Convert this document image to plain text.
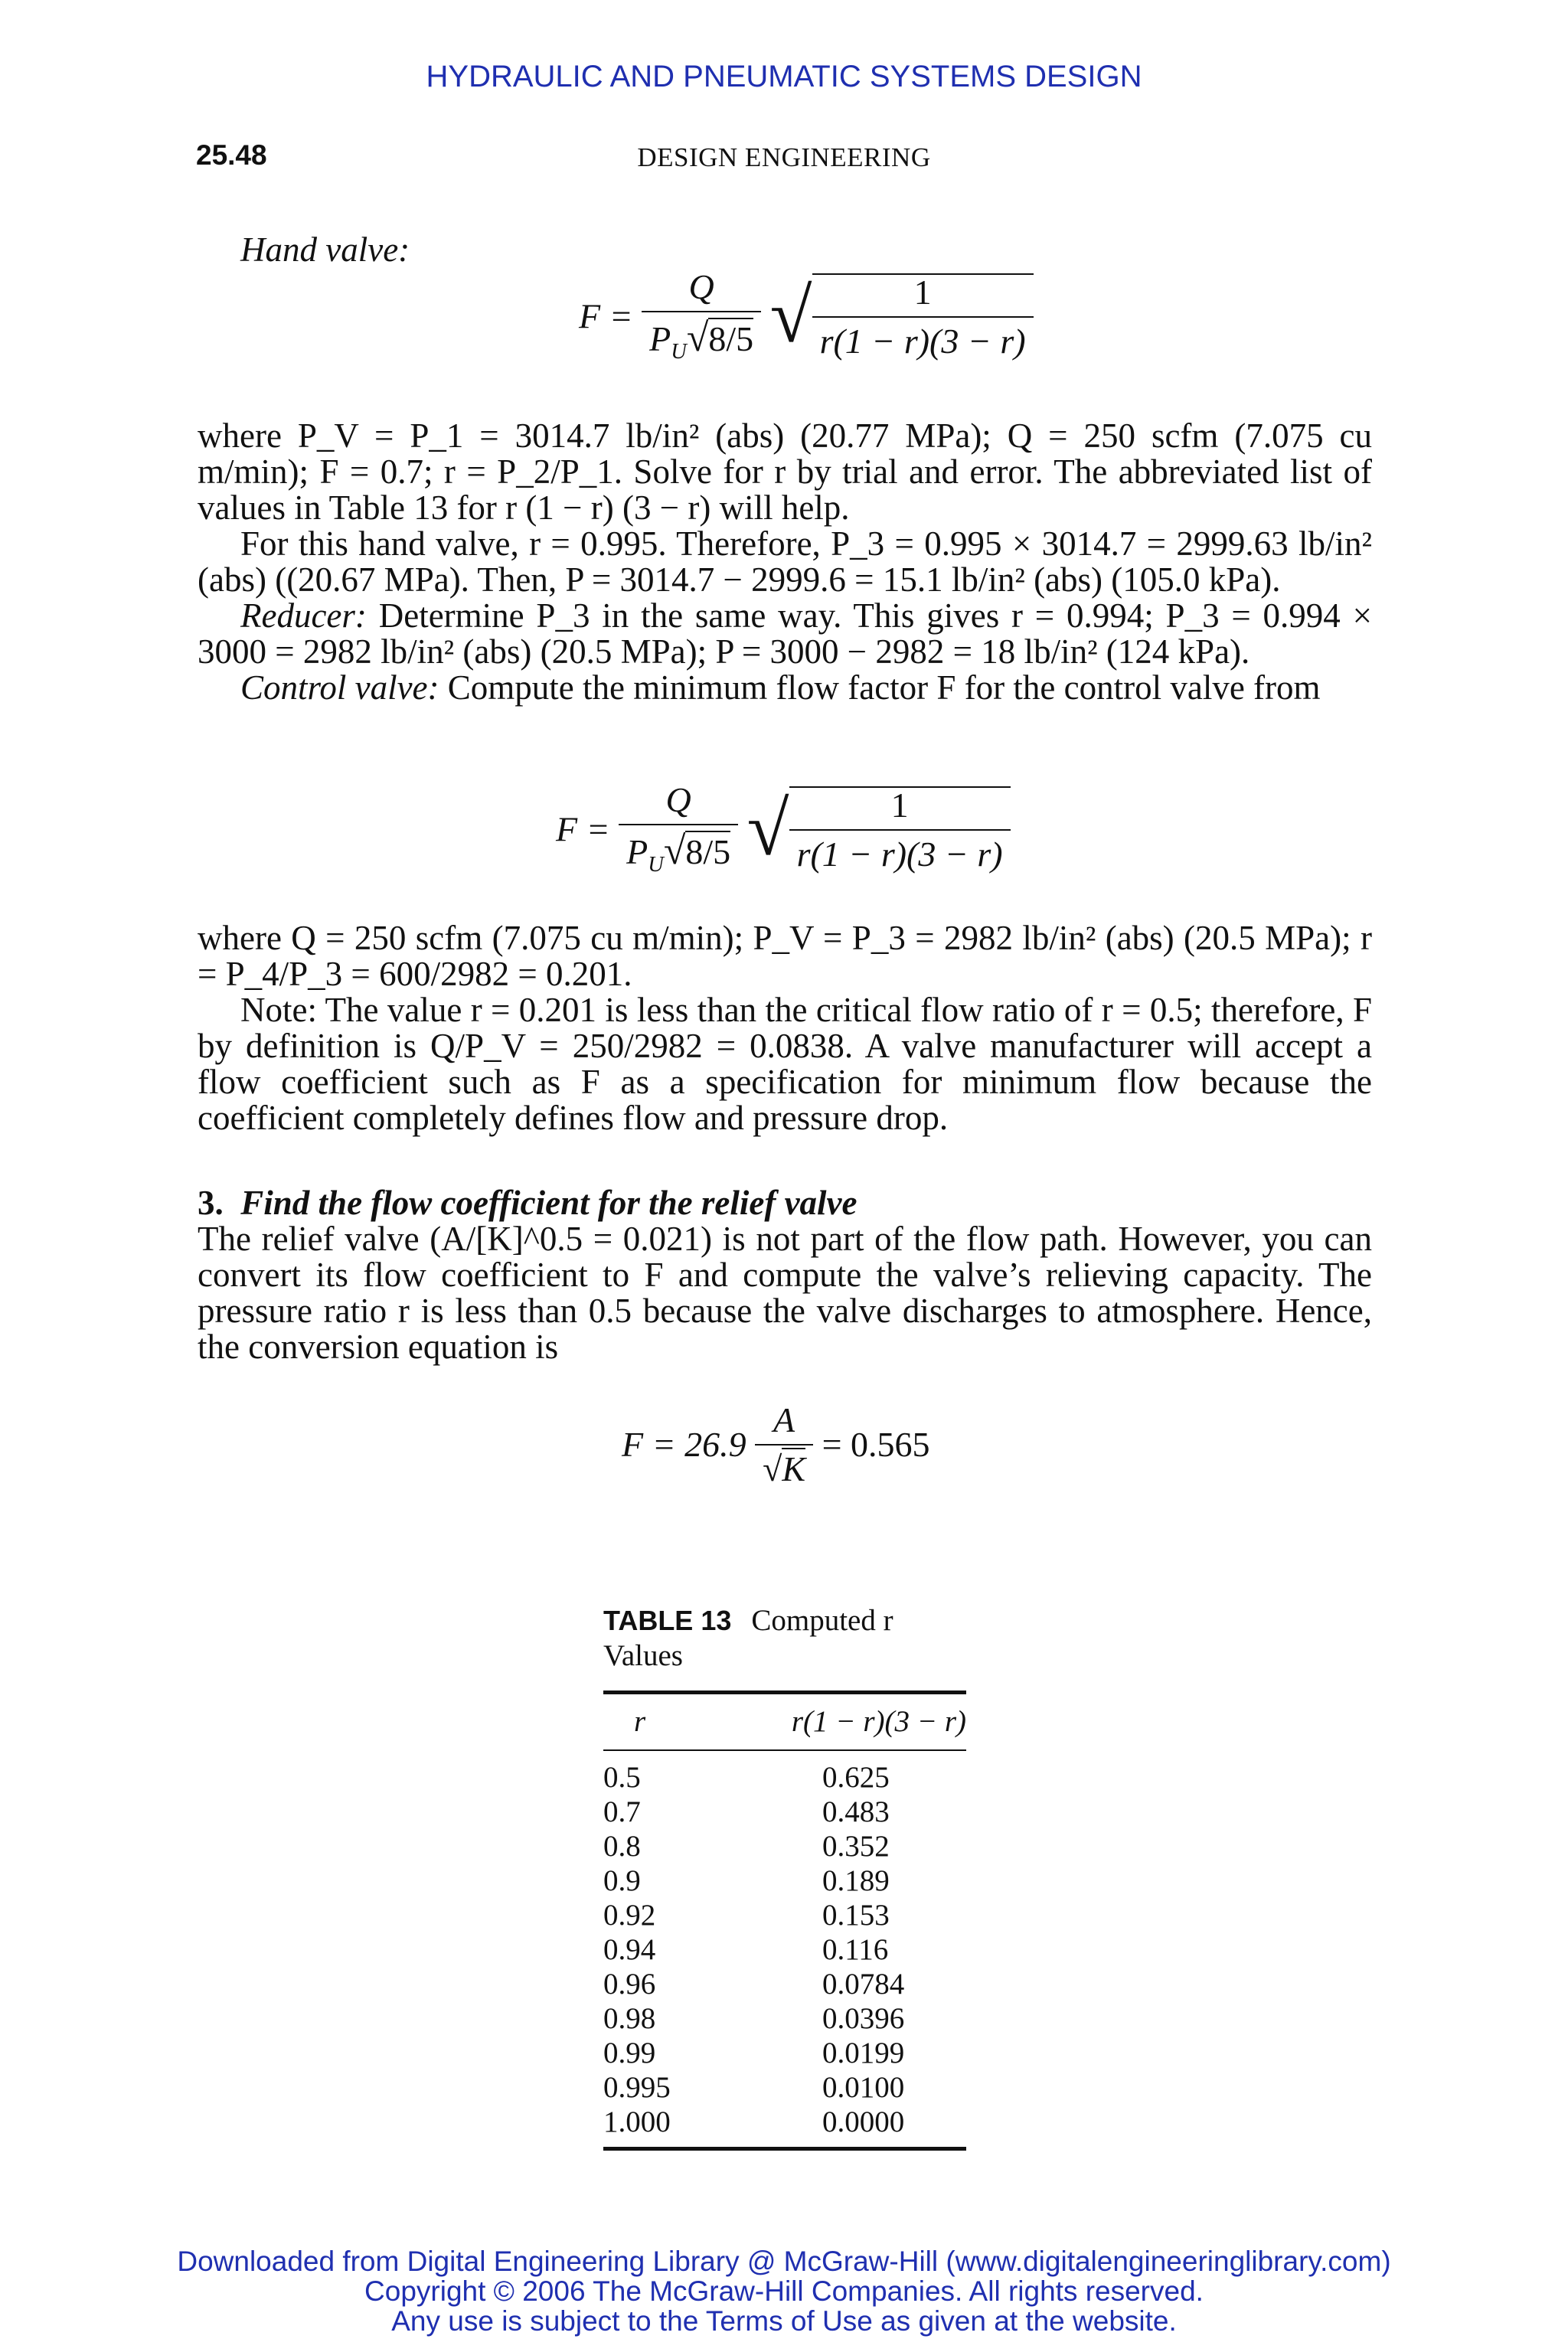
HYDRAULIC AND PNEUMATIC SYSTEMS DESIGN
25.48	DESIGN ENGINEERING
Hand valve:
$F = \frac{Q}{P_U√8/5}$ √ $\frac{1}{r(1 - r)(3 - r)}$

where P_V = P_1 = 3014.7 lb/in² (abs) (20.77 MPa); Q = 250 scfm (7.075 cu m/min); F = 0.7; r = P_2/P_1. Solve for r by trial and error. The abbreviated list of values in Table 13 for r (1 − r) (3 − r) will help.

For this hand valve, r = 0.995. Therefore, P_3 = 0.995 × 3014.7 = 2999.63 lb/in² (abs) ((20.67 MPa). Then, P = 3014.7 − 2999.6 = 15.1 lb/in² (abs) (105.0 kPa).

Reducer: Determine P_3 in the same way. This gives r = 0.994; P_3 = 0.994 × 3000 = 2982 lb/in² (abs) (20.5 MPa); P = 3000 − 2982 = 18 lb/in² (124 kPa).

Control valve: Compute the minimum flow factor F for the control valve from

$F = \frac{Q}{P_U√8/5}$ √ $\frac{1}{r(1 - r)(3 - r)}$

where Q = 250 scfm (7.075 cu m/min); P_V = P_3 = 2982 lb/in² (abs) (20.5 MPa); r = P_4/P_3 = 600/2982 = 0.201.

Note: The value r = 0.201 is less than the critical flow ratio of r = 0.5; therefore, F by definition is Q/P_V = 250/2982 = 0.0838. A valve manufacturer will accept a flow coefficient such as F as a specification for minimum flow because the coefficient completely defines flow and pressure drop.

3. Find the flow coefficient for the relief valve

The relief valve (A/[K]^0.5 = 0.021) is not part of the flow path. However, you can convert its flow coefficient to F and compute the valve’s relieving capacity. The pressure ratio r is less than 0.5 because the valve discharges to atmosphere. Hence, the conversion equation is

$F = 26.9 \frac{A}{√K} = 0.565$
TABLE 13 Computed r Values
r	r(1 − r)(3 − r)
0.5	0.625
0.7	0.483
0.8	0.352
0.9	0.189
0.92	0.153
0.94	0.116
0.96	0.0784
0.98	0.0396
0.99	0.0199
0.995	0.0100
1.000	0.0000
Downloaded from Digital Engineering Library @ McGraw-Hill (www.digitalengineeringlibrary.com)
Copyright © 2006 The McGraw-Hill Companies. All rights reserved.
Any use is subject to the Terms of Use as given at the website.
